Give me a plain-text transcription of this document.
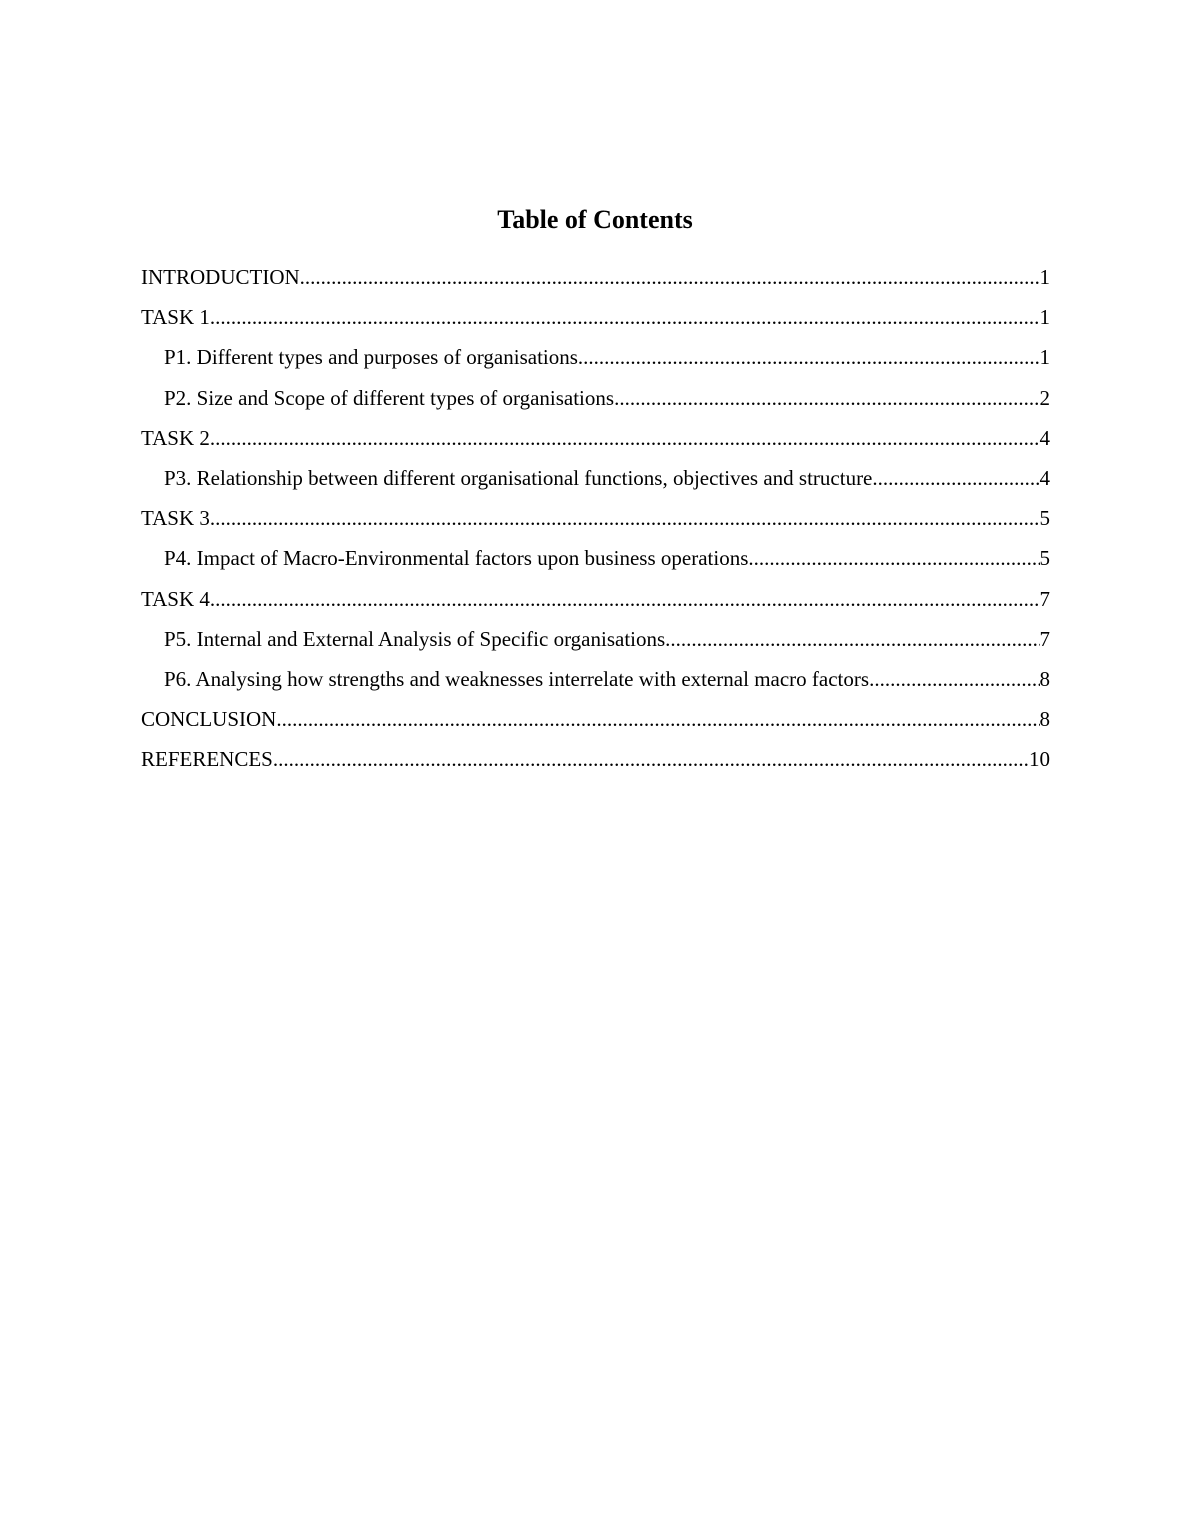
Table of Contents
INTRODUCTION .....	1
TASK 1 .....	1
P1. Different types and purposes of organisations .....	1
P2. Size and Scope of different types of organisations .....	2
TASK 2 .....	4
P3. Relationship between different organisational functions, objectives and structure .....	4
TASK 3 .....	5
P4. Impact of Macro-Environmental factors upon business operations .....	5
TASK 4 .....	7
P5. Internal and External Analysis of Specific organisations .....	7
P6. Analysing how strengths and weaknesses interrelate with external macro factors .....	8
CONCLUSION .....	8
REFERENCES .....	10
